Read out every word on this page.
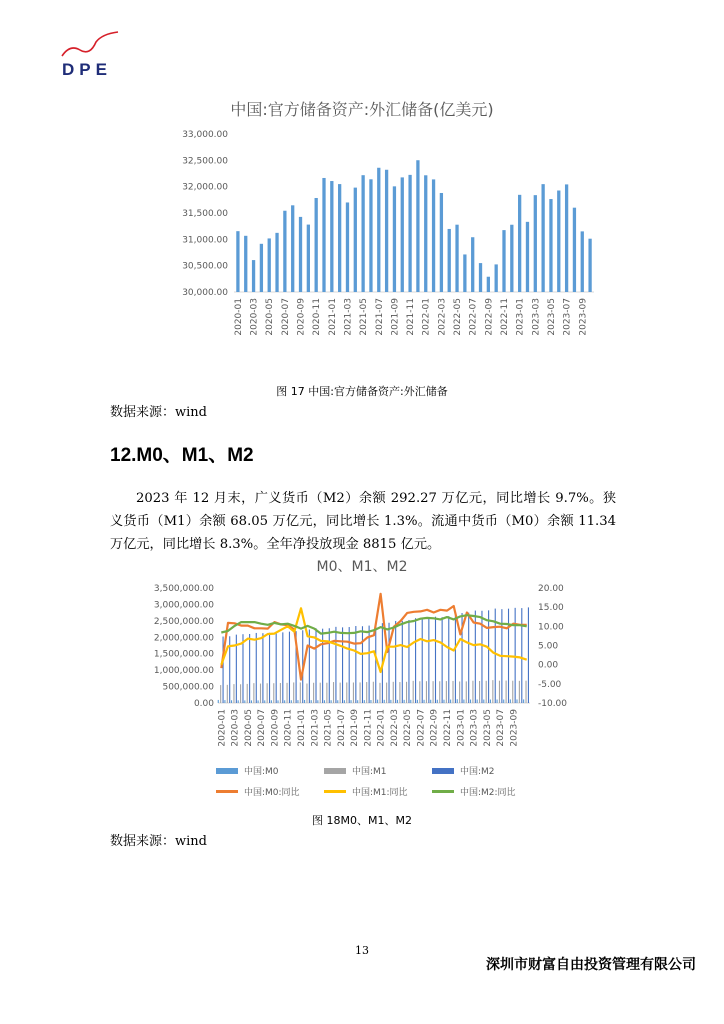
DPE
中国:官方储备资产:外汇储备(亿美元)
30,000.00
30,500.00
31,000.00
31,500.00
32,000.00
32,500.00
33,000.00
2020-01 2020-03 2020-05 2020-07 2020-09 2020-11 2021-01 2021-03 2021-05 2021-07 2021-09 2021-11 2022-01 2022-03 2022-05 2022-07 2022-09 2022-11 2023-01 2023-03 2023-05 2023-07 2023-09
图 17 中国:官方储备资产:外汇储备
数据来源：wind
12.M0、M1、M2
2023 年 12 月末，广义货币（M2）余额 292.27 万亿元，同比增长 9.7%。狭义货币（M1）余额 68.05 万亿元，同比增长 1.3%。流通中货币（M0）余额 11.34 万亿元，同比增长 8.3%。全年净投放现金 8815 亿元。
M0、M1、M2
0.00
500,000.00
1,000,000.00
1,500,000.00
2,000,000.00
2,500,000.00
3,000,000.00
3,500,000.00
-10.00
-5.00
0.00
5.00
10.00
15.00
20.00
2020-01 2020-03 2020-05 2020-07 2020-09 2020-11 2021-01 2021-03 2021-05 2021-07 2021-09 2021-11 2022-01 2022-03 2022-05 2022-07 2022-09 2022-11 2023-01 2023-03 2023-05 2023-07 2023-09
中国:M0	中国:M1	中国:M2
中国:M0:同比	中国:M1:同比	中国:M2:同比
图 18M0、M1、M2
数据来源：wind
13
深圳市财富自由投资管理有限公司
